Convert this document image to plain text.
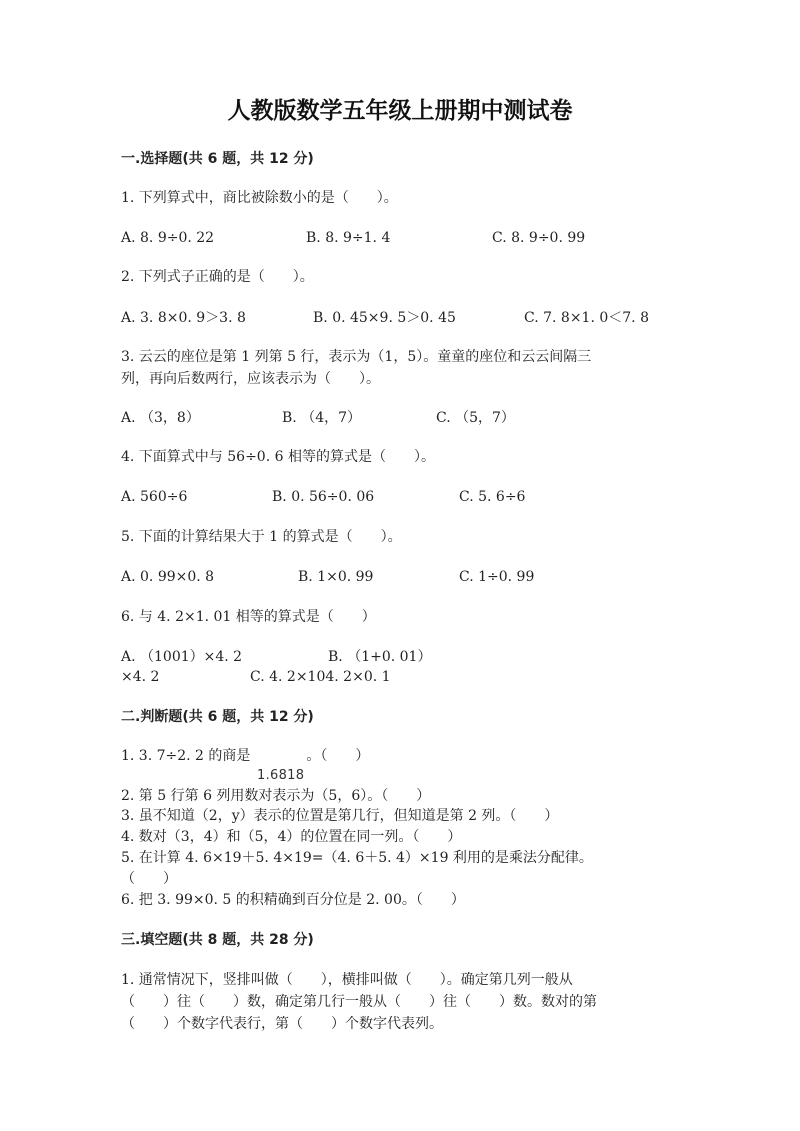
人教版数学五年级上册期中测试卷
一.选择题(共 6 题，共 12 分)
1. 下列算式中，商比被除数小的是（　　）。
A. 8. 9÷0. 22	B. 8. 9÷1. 4	C. 8. 9÷0. 99
2. 下列式子正确的是（　　）。
A. 3. 8×0. 9＞3. 8	B. 0. 45×9. 5＞0. 45	C. 7. 8×1. 0＜7. 8
3. 云云的座位是第 1 列第 5 行，表示为（1，5）。童童的座位和云云间隔三
列，再向后数两行，应该表示为（　　）。
A. （3，8）	B. （4，7）	C. （5，7）
4. 下面算式中与 56÷0. 6 相等的算式是（　　）。
A. 560÷6	B. 0. 56÷0. 06	C. 5. 6÷6
5. 下面的计算结果大于 1 的算式是（　　）。
A. 0. 99×0. 8	B. 1×0. 99	C. 1÷0. 99
6. 与 4. 2×1. 01 相等的算式是（　　）
A. （1001）×4. 2	B. （1+0. 01）
×4. 2	C. 4. 2×104. 2×0. 1
二.判断题(共 6 题，共 12 分)
1. 3. 7÷2. 2 的商是　　　　。（　　）
1.6818
2. 第 5 行第 6 列用数对表示为（5，6）。（　　）
3. 虽不知道（2，y）表示的位置是第几行，但知道是第 2 列。（　　）
4. 数对（3，4）和（5，4）的位置在同一列。（　　）
5. 在计算 4. 6×19＋5. 4×19=（4. 6＋5. 4）×19 利用的是乘法分配律。
（　　）
6. 把 3. 99×0. 5 的积精确到百分位是 2. 00。（　　）
三.填空题(共 8 题，共 28 分)
1. 通常情况下，竖排叫做（　　），横排叫做（　　）。确定第几列一般从
（　　）往（　　）数，确定第几行一般从（　　）往（　　）数。数对的第
（　　）个数字代表行，第（　　）个数字代表列。
